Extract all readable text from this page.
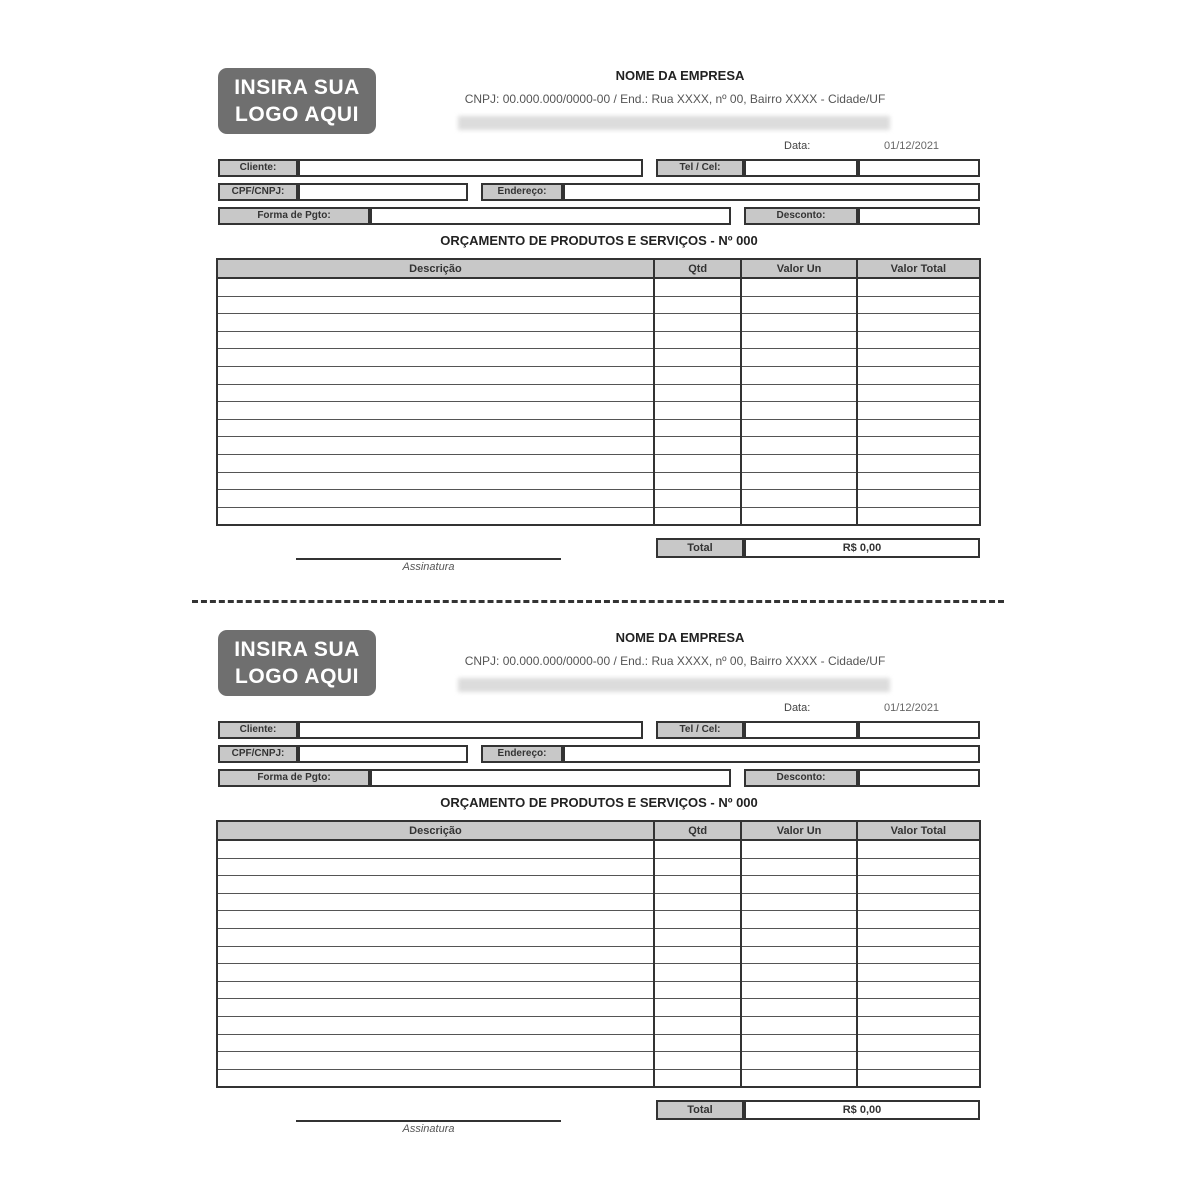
INSIRA SUA
LOGO AQUI
NOME DA EMPRESA
CNPJ: 00.000.000/0000-00 / End.: Rua XXXX, nº 00, Bairro XXXX - Cidade/UF
Data:	01/12/2021
Cliente:	Tel / Cel:
CPF/CNPJ:	Endereço:
Forma de Pgto:	Desconto:
ORÇAMENTO DE PRODUTOS E SERVIÇOS - Nº 000
Descrição	Qtd	Valor Un	Valor Total

Total	R$ 0,00
Assinatura
INSIRA SUA
LOGO AQUI
NOME DA EMPRESA
CNPJ: 00.000.000/0000-00 / End.: Rua XXXX, nº 00, Bairro XXXX - Cidade/UF
Data:	01/12/2021
Cliente:	Tel / Cel:
CPF/CNPJ:	Endereço:
Forma de Pgto:	Desconto:
ORÇAMENTO DE PRODUTOS E SERVIÇOS - Nº 000
Descrição	Qtd	Valor Un	Valor Total

Total	R$ 0,00
Assinatura
